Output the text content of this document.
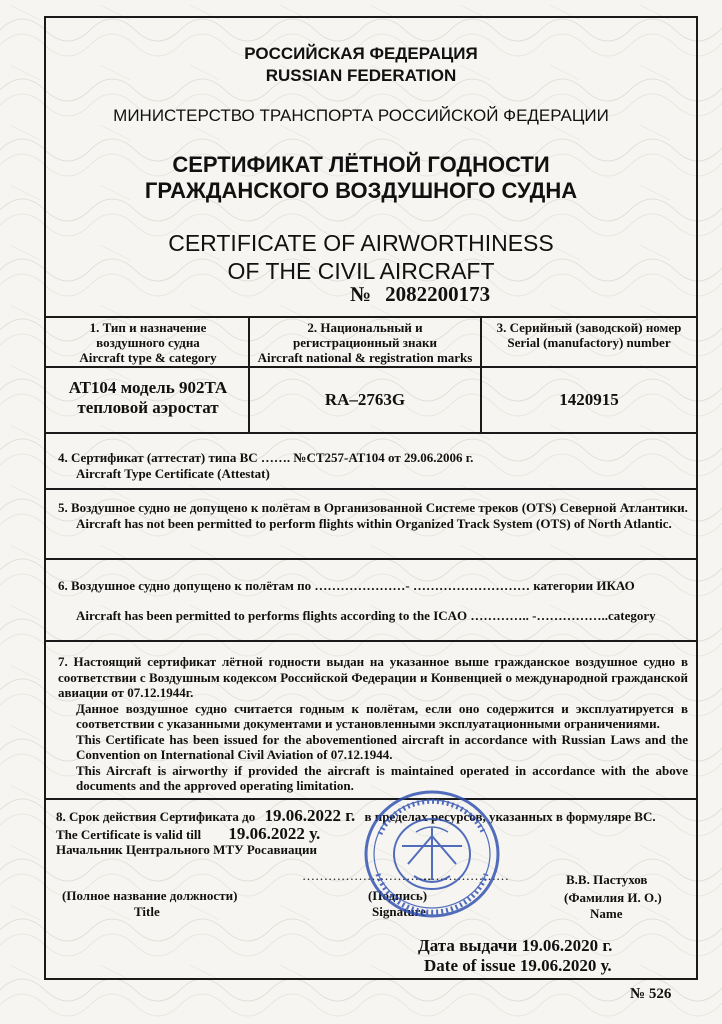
РОССИЙСКАЯ ФЕДЕРАЦИЯ
RUSSIAN FEDERATION
МИНИСТЕРСТВО ТРАНСПОРТА РОССИЙСКОЙ ФЕДЕРАЦИИ
СЕРТИФИКАТ ЛЁТНОЙ ГОДНОСТИ
ГРАЖДАНСКОГО ВОЗДУШНОГО СУДНА
CERTIFICATE OF AIRWORTHINESS
OF THE CIVIL AIRCRAFT
№ 2082200173
1. Тип и назначение
воздушного судна
Aircraft type & category
2. Национальный и
регистрационный знаки
Aircraft national & registration marks
3. Серийный (заводской) номер
Serial (manufactory) number
АТ104 модель 902ТА
тепловой аэростат	RA–2763G	1420915
4. Сертификат (аттестат) типа ВС ……. №СТ257-АТ104 от 29.06.2006 г.
Aircraft Type Certificate (Attestat)
5. Воздушное судно не допущено к полётам в Организованной Системе треков (OTS) Северной Атлантики.
Aircraft has not been permitted to perform flights within Organized Track System (OTS) of North Atlantic.
6. Воздушное судно допущено к полётам по …………………- ……………………… категории ИКАО
Aircraft has been permitted to performs flights according to the ICAO ………….. -……………..category
7. Настоящий сертификат лётной годности выдан на указанное выше гражданское воздушное судно в соответствии с Воздушным кодексом Российской Федерации и Конвенцией о международной гражданской авиации от 07.12.1944г.
Данное воздушное судно считается годным к полётам, если оно содержится и эксплуатируется в соответствии с указанными документами и установленными эксплуатационными ограничениями.
This Certificate has been issued for the abovementioned aircraft in accordance with Russian Laws and the Convention on International Civil Aviation of 07.12.1944.
This Aircraft is airworthy if provided the aircraft is maintained operated in accordance with the above documents and the approved operating limitation.
8. Срок действия Сертификата до 19.06.2022 г. в пределах ресурсов, указанных в формуляре ВС.
The Certificate is valid till 19.06.2022 у.
Начальник Центрального МТУ Росавиации
…………………………
…………………
(Полное название должности)
Title
(Подпись)
Signature
В.В. Пастухов
(Фамилия И. О.)
Name
Дата выдачи 19.06.2020 г.
Date of issue 19.06.2020 у.
№ 526
